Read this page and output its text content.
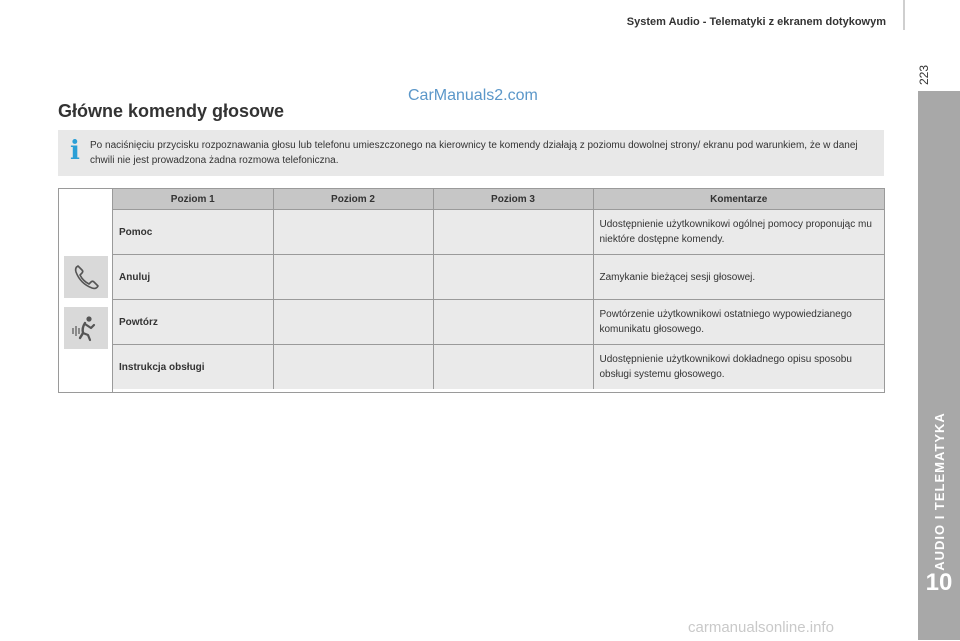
System Audio - Telematyki z ekranem dotykowym
223
CarManuals2.com
Główne komendy głosowe
i Po naciśnięciu przycisku rozpoznawania głosu lub telefonu umieszczonego na kierownicy te komendy działają z poziomu dowolnej strony/ ekranu pod warunkiem, że w danej chwili nie jest prowadzona żadna rozmowa telefoniczna.
Poziom 1	Poziom 2	Poziom 3	Komentarze
Pomoc			Udostępnienie użytkownikowi ogólnej pomocy proponując mu niektóre dostępne komendy.
Anuluj			Zamykanie bieżącej sesji głosowej.
Powtórz			Powtórzenie użytkownikowi ostatniego wypowiedzianego komunikatu głosowego.
Instrukcja obsługi			Udostępnienie użytkownikowi dokładnego opisu sposobu obsługi systemu głosowego.
AUDIO I TELEMATYKA
10
carmanualsonline.info
